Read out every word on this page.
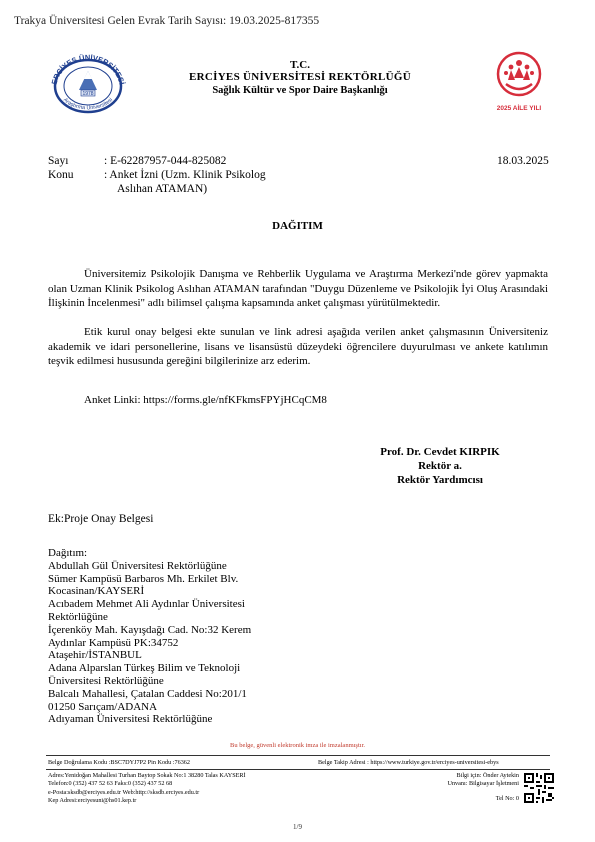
Trakya Üniversitesi Gelen Evrak Tarih Sayısı: 19.03.2025-817355
ERCİYES ÜNİVERSİTESİ
1978
Araştırma Üniversitesi
2025 AİLE YILI
T.C.
ERCİYES ÜNİVERSİTESİ REKTÖRLÜĞÜ
Sağlık Kültür ve Spor Daire Başkanlığı
Sayı	: E-62287957-044-825082	18.03.2025
Konu	: Anket İzni (Uzm. Klinik Psikolog
Aslıhan ATAMAN)
DAĞITIM
Üniversitemiz Psikolojik Danışma ve Rehberlik Uygulama ve Araştırma Merkezi'nde görev yapmakta olan Uzman Klinik Psikolog Aslıhan ATAMAN tarafından "Duygu Düzenleme ve Psikolojik İyi Oluş Arasındaki İlişkinin İncelenmesi" adlı bilimsel çalışma kapsamında anket çalışması yürütülmektedir.
Etik kurul onay belgesi ekte sunulan ve link adresi aşağıda verilen anket çalışmasının Üniversiteniz akademik ve idari personellerine, lisans ve lisansüstü düzeydeki öğrencilere duyurulması ve ankete katılımın teşvik edilmesi hususunda gereğini bilgilerinize arz ederim.
Anket Linki: https://forms.gle/nfKFkmsFPYjHCqCM8
Prof. Dr. Cevdet KIRPIK
Rektör a.
Rektör Yardımcısı
Ek:Proje Onay Belgesi
Dağıtım:
Abdullah Gül Üniversitesi Rektörlüğüne
Sümer Kampüsü Barbaros Mh. Erkilet Blv.
Kocasinan/KAYSERİ
Acıbadem Mehmet Ali Aydınlar Üniversitesi
Rektörlüğüne
İçerenköy Mah. Kayışdağı Cad. No:32 Kerem
Aydınlar Kampüsü PK:34752
Ataşehir/İSTANBUL
Adana Alparslan Türkeş Bilim ve Teknoloji
Üniversitesi Rektörlüğüne
Balcalı Mahallesi, Çatalan Caddesi No:201/1
01250 Sarıçam/ADANA
Adıyaman Üniversitesi Rektörlüğüne
Bu belge, güvenli elektronik imza ile imzalanmıştır.
Belge Doğrulama Kodu :BSC7DYJ7P2 Pin Kodu :76362	Belge Takip Adresi : https://www.turkiye.gov.tr/erciyes-universitesi-ebys
Adres:Yenidoğan Mahallesi Turhan Baytop Sokak No:1 38280 Talas KAYSERİ
Telefon:0 (352) 437 52 63 Faks:0 (352) 437 52 68
e-Posta:sksdb@erciyes.edu.tr Web:http://sksdb.erciyes.edu.tr
Kep Adresi:erciyesuni@hs01.kep.tr
Bilgi için: Önder Aytekin
Unvanı: Bilgisayar İşletmeni
Tel No: 0
1/9
